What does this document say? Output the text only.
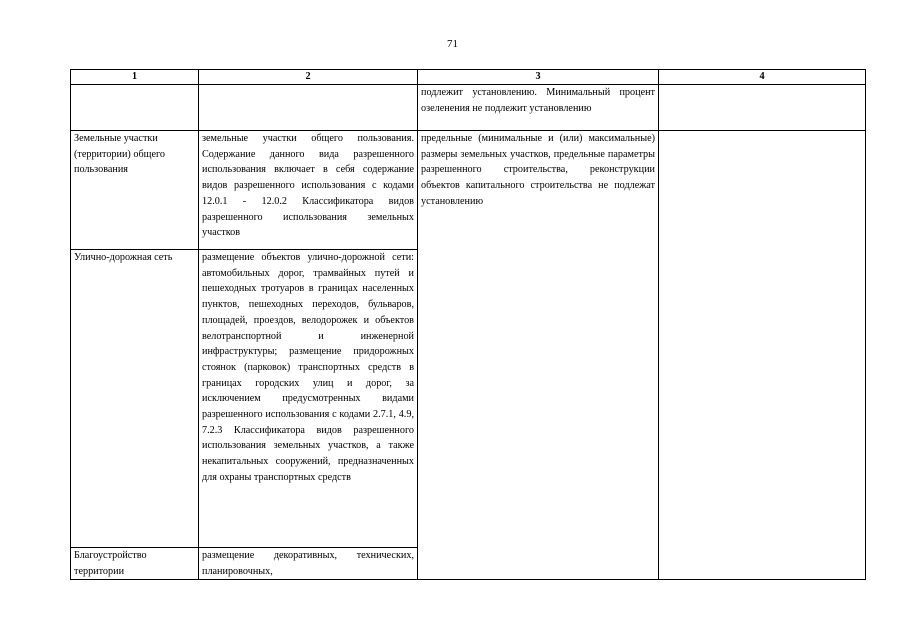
71
1	2	3	4
		подлежит установлению. Минимальный процент озеленения не подлежит установлению	
Земельные участки (территории) общего пользования	земельные участки общего пользования. Содержание данного вида разрешенного использования включает в себя содержание видов разрешенного использования с кодами 12.0.1 - 12.0.2 Классификатора видов разрешенного использования земельных участков	предельные (минимальные и (или) максимальные) размеры земельных участков, предельные параметры разрешенного строительства, реконструкции объектов капитального строительства не подлежат установлению	
Улично-дорожная сеть	размещение объектов улично-дорожной сети: автомобильных дорог, трамвайных путей и пешеходных тротуаров в границах населенных пунктов, пешеходных переходов, бульваров, площадей, проездов, велодорожек и объектов велотранспортной и инженерной инфраструктуры; размещение придорожных стоянок (парковок) транспортных средств в границах городских улиц и дорог, за исключением предусмотренных видами разрешенного использования с кодами 2.7.1, 4.9, 7.2.3 Классификатора видов разрешенного использования земельных участков, а также некапитальных сооружений, предназначенных для охраны транспортных средств		
Благоустройство территории	размещение декоративных, технических, планировочных,		
